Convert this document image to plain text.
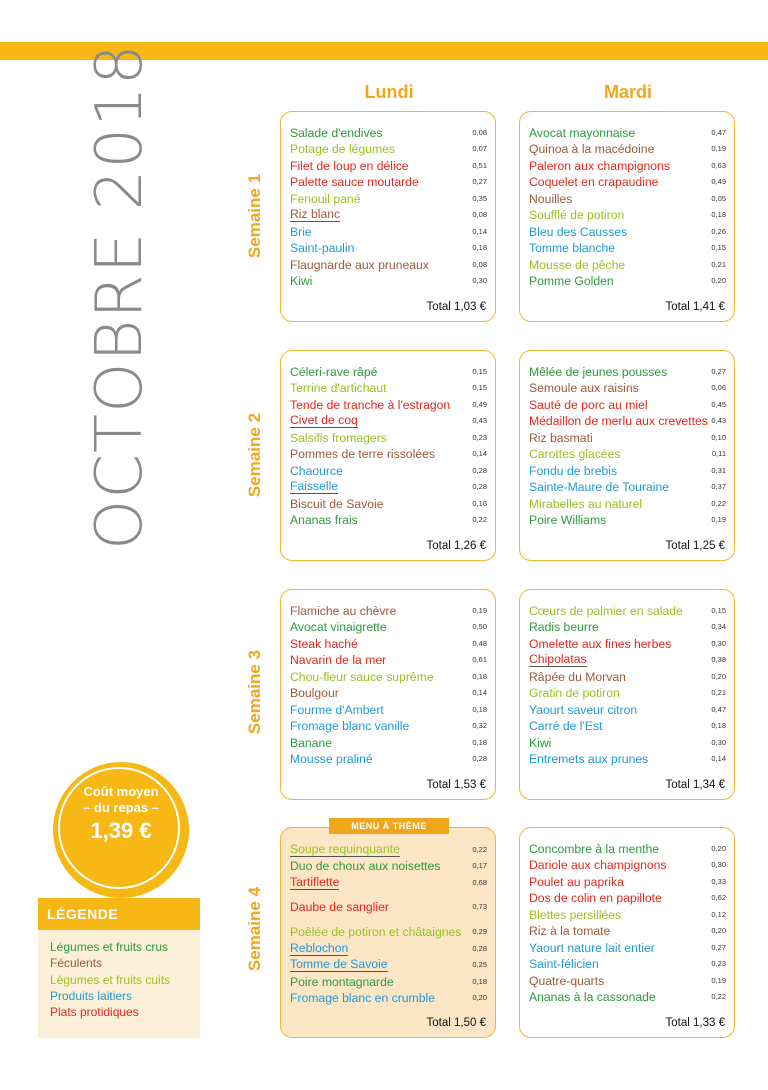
OCTOBRE 2018	Lundi	Mardi
Semaine 1
Semaine 2
Semaine 3
Semaine 4
Salade d'endives	0,08
Potage de légumes	0,07
Filet de loup en délice	0,51
Palette sauce moutarde	0,27
Fenouil pané	0,35
Riz blanc	0,08
Brie	0,14
Saint-paulin	0,18
Flaugnarde aux pruneaux	0,08
Kiwi	0,30
Total 1,03 €
Avocat mayonnaise	0,47
Quinoa à la macédoine	0,19
Paleron aux champignons	0,63
Coquelet en crapaudine	0,49
Nouilles	0,05
Soufflé de potiron	0,18
Bleu des Causses	0,26
Tomme blanche	0,15
Mousse de pêche	0,21
Pomme Golden	0,20
Total 1,41 €
Céleri-rave râpé	0,15
Terrine d'artichaut	0,15
Tende de tranche à l'estragon	0,49
Civet de coq	0,43
Salsifis fromagers	0,23
Pommes de terre rissolées	0,14
Chaource	0,28
Faisselle	0,28
Biscuit de Savoie	0,16
Ananas frais	0,22
Total 1,26 €
Mêlée de jeunes pousses	0,27
Semoule aux raisins	0,06
Sauté de porc au miel	0,45
Médaillon de merlu aux crevettes 0,43
Riz basmati	0,10
Carottes glacées	0,11
Fondu de brebis	0,31
Sainte-Maure de Touraine	0,37
Mirabelles au naturel	0,22
Poire Williams	0,19
Total 1,25 €
Flamiche au chèvre	0,19
Avocat vinaigrette	0,50
Steak haché	0,48
Navarin de la mer	0,61
Chou-fleur sauce suprême	0,18
Boulgour	0,14
Fourme d'Ambert	0,18
Fromage blanc vanille	0,32
Banane	0,18
Mousse praliné	0,28
Total 1,53 €
Cœurs de palmier en salade	0,15
Radis beurre	0,34
Omelette aux fines herbes	0,30
Chipolatas	0,38
Râpée du Morvan	0,20
Gratin de potiron	0,21
Yaourt saveur citron	0,47
Carré de l'Est	0,18
Kiwi	0,30
Entremets aux prunes	0,14
Total 1,34 €
MENU À THÈME
Soupe requinquante	0,22
Duo de choux aux noisettes	0,17
Tartiflette	0,68
Daube de sanglier	0,73
Poêlée de potiron et châtaignes 0,29
Reblochon	0,28
Tomme de Savoie	0,25
Poire montagnarde	0,18
Fromage blanc en crumble	0,20
Total 1,50 €
Concombre à la menthe	0,20
Dariole aux champignons	0,30
Poulet au paprika	0,33
Dos de colin en papillote	0,62
Blettes persillées	0,12
Riz à la tomate	0,20
Yaourt nature lait entier	0,27
Saint-félicien	0,23
Quatre-quarts	0,19
Ananas à la cassonade	0,22
Total 1,33 €
Coût moyen
– du repas –
1,39 €
LÉGENDE
Légumes et fruits crus
Féculents
Légumes et fruits cuits
Produits laitiers
Plats protidiques
